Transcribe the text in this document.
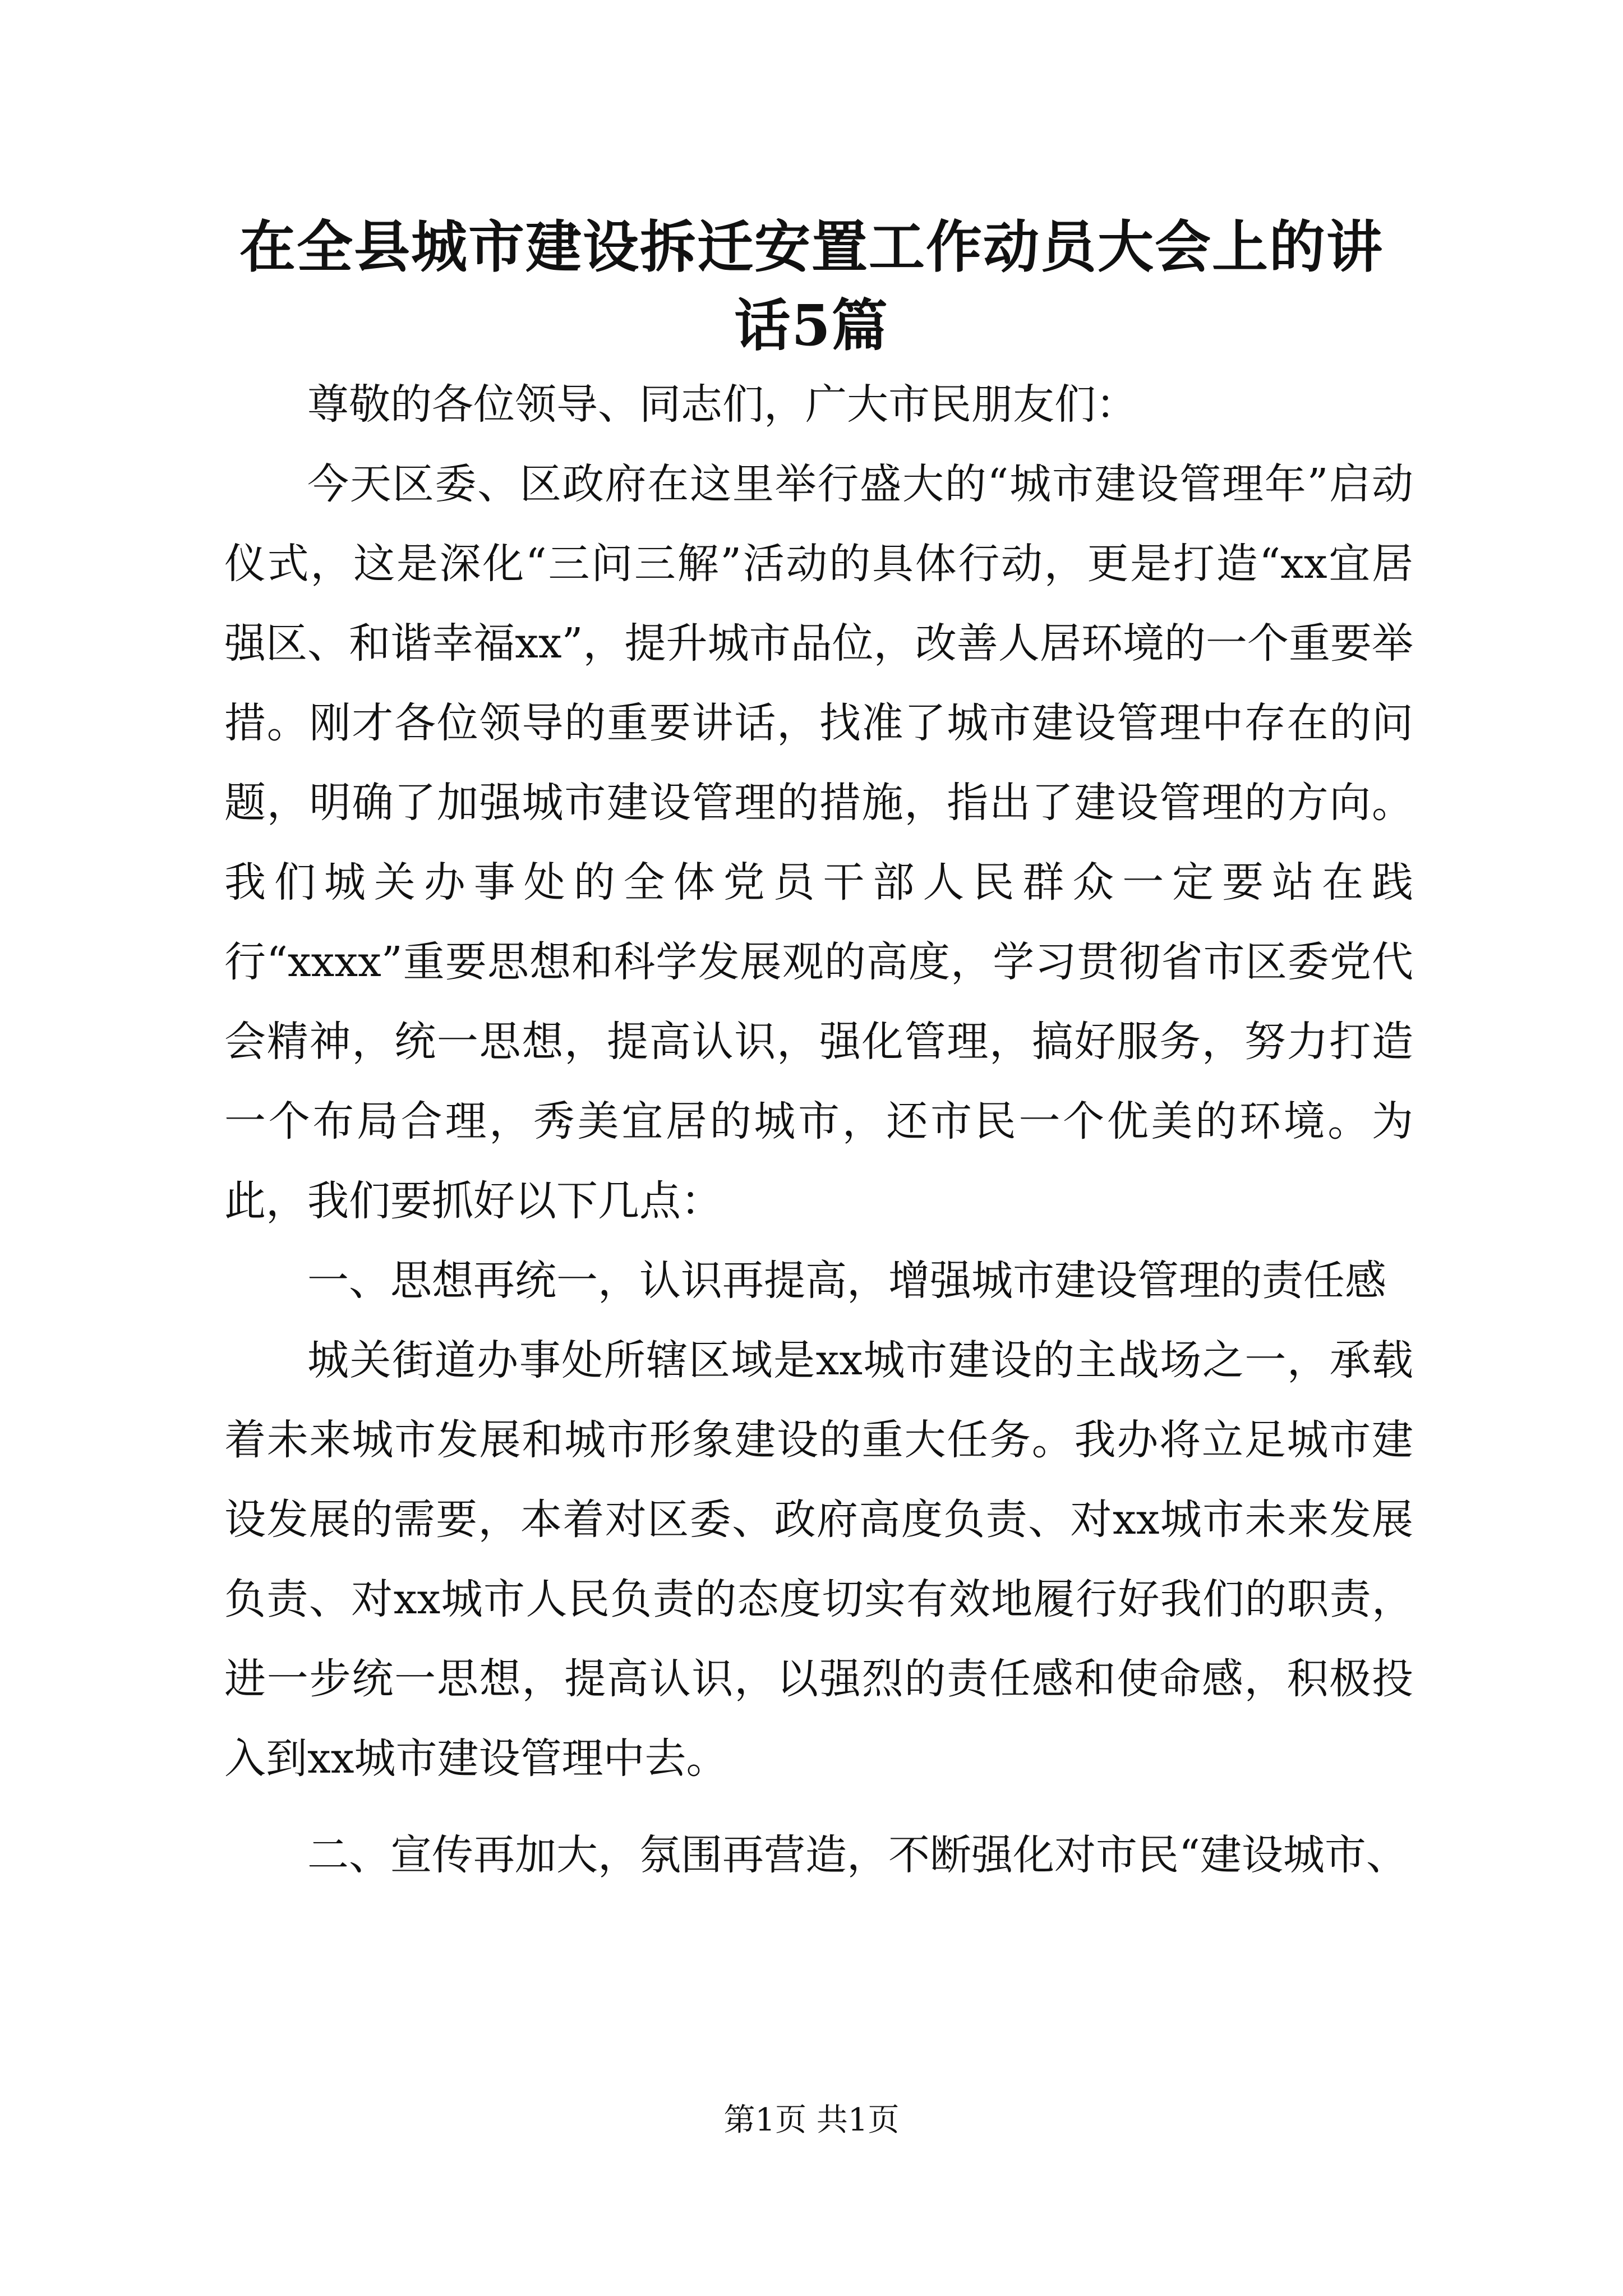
在全县城市建设拆迁安置工作动员大会上的讲
话5篇

尊敬的各位领导、同志们，广大市民朋友们：

今天区委、区政府在这里举行盛大的“城市建设管理年”启动仪式，这是深化“三问三解”活动的具体行动，更是打造“xx宜居强区、和谐幸福xx”，提升城市品位，改善人居环境的一个重要举措。刚才各位领导的重要讲话，找准了城市建设管理中存在的问题，明确了加强城市建设管理的措施，指出了建设管理的方向。我们城关办事处的全体党员干部人民群众一定要站在践行“xxxx”重要思想和科学发展观的高度，学习贯彻省市区委党代会精神，统一思想，提高认识，强化管理，搞好服务，努力打造一个布局合理，秀美宜居的城市，还市民一个优美的环境。为此，我们要抓好以下几点：

一、思想再统一，认识再提高，增强城市建设管理的责任感

城关街道办事处所辖区域是xx城市建设的主战场之一，承载着未来城市发展和城市形象建设的重大任务。我办将立足城市建设发展的需要，本着对区委、政府高度负责、对xx城市未来发展负责、对xx城市人民负责的态度切实有效地履行好我们的职责，进一步统一思想，提高认识，以强烈的责任感和使命感，积极投入到xx城市建设管理中去。

二、宣传再加大，氛围再营造，不断强化对市民“建设城市、

第1页 共1页
